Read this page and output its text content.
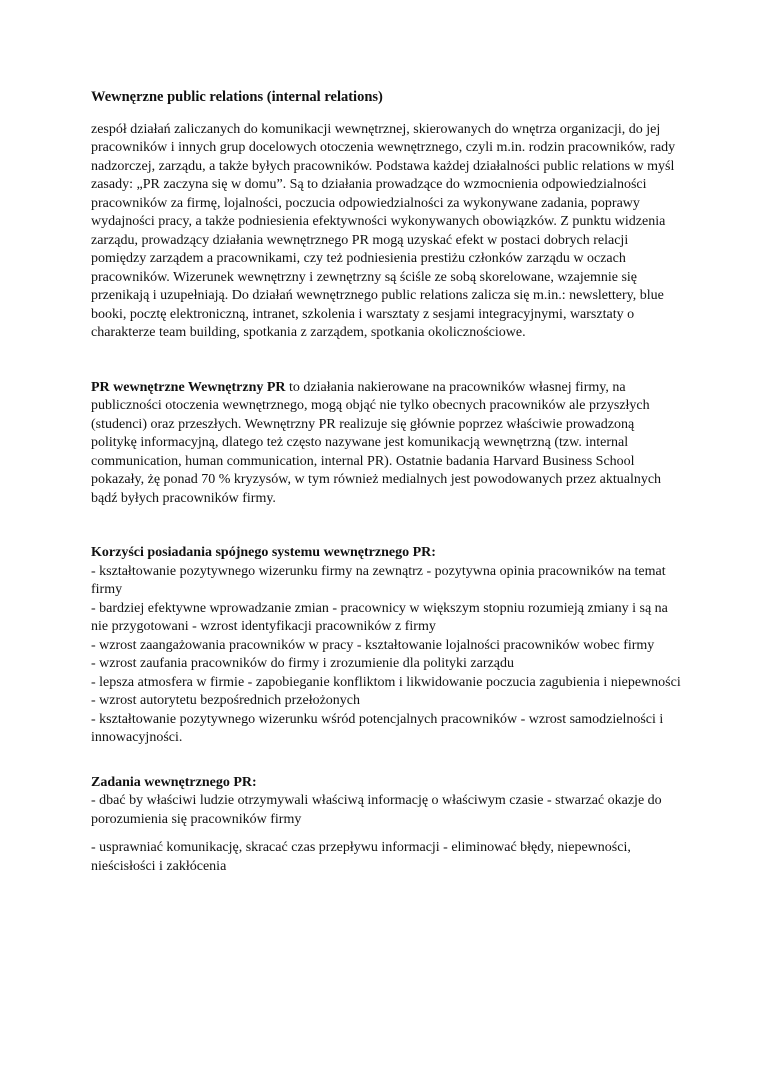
Wewnęrzne public relations (internal relations)

zespół działań zaliczanych do komunikacji wewnętrznej, skierowanych do wnętrza organizacji, do jej pracowników i innych grup docelowych otoczenia wewnętrznego, czyli m.in. rodzin pracowników, rady nadzorczej, zarządu, a także byłych pracowników. Podstawa każdej działalności public relations w myśl zasady: „PR zaczyna się w domu”. Są to działania prowadzące do wzmocnienia odpowiedzialności pracowników za firmę, lojalności, poczucia odpowiedzialności za wykonywane zadania, poprawy wydajności pracy, a także podniesienia efektywności wykonywanych obowiązków. Z punktu widzenia zarządu, prowadzący działania wewnętrznego PR mogą uzyskać efekt w postaci dobrych relacji pomiędzy zarządem a pracownikami, czy też podniesienia prestiżu członków zarządu w oczach pracowników. Wizerunek wewnętrzny i zewnętrzny są ściśle ze sobą skorelowane, wzajemnie się przenikają i uzupełniają. Do działań wewnętrznego public relations zalicza się m.in.: newslettery, blue booki, pocztę elektroniczną, intranet, szkolenia i warsztaty z sesjami integracyjnymi, warsztaty o charakterze team building, spotkania z zarządem, spotkania okolicznościowe.

PR wewnętrzne Wewnętrzny PR to działania nakierowane na pracowników własnej firmy, na publiczności otoczenia wewnętrznego, mogą objąć nie tylko obecnych pracowników ale przyszłych (studenci) oraz przeszłych. Wewnętrzny PR realizuje się głównie poprzez właściwie prowadzoną politykę informacyjną, dlatego też często nazywane jest komunikacją wewnętrzną (tzw. internal communication, human communication, internal PR). Ostatnie badania Harvard Business School pokazały, żę ponad 70 % kryzysów, w tym również medialnych jest powodowanych przez aktualnych bądź byłych pracowników firmy.

Korzyści posiadania spójnego systemu wewnętrznego PR:

- kształtowanie pozytywnego wizerunku firmy na zewnątrz - pozytywna opinia pracowników na temat firmy

- bardziej efektywne wprowadzanie zmian - pracownicy w większym stopniu rozumieją zmiany i są na nie przygotowani - wzrost identyfikacji pracowników z firmy

- wzrost zaangażowania pracowników w pracy - kształtowanie lojalności pracowników wobec firmy

- wzrost zaufania pracowników do firmy i zrozumienie dla polityki zarządu

- lepsza atmosfera w firmie - zapobieganie konfliktom i likwidowanie poczucia zagubienia i niepewności - wzrost autorytetu bezpośrednich przełożonych

- kształtowanie pozytywnego wizerunku wśród potencjalnych pracowników - wzrost samodzielności i innowacyjności.

Zadania wewnętrznego PR:

- dbać by właściwi ludzie otrzymywali właściwą informację o właściwym czasie - stwarzać okazje do porozumienia się pracowników firmy

- usprawniać komunikację, skracać czas przepływu informacji - eliminować błędy, niepewności, nieścisłości i zakłócenia
